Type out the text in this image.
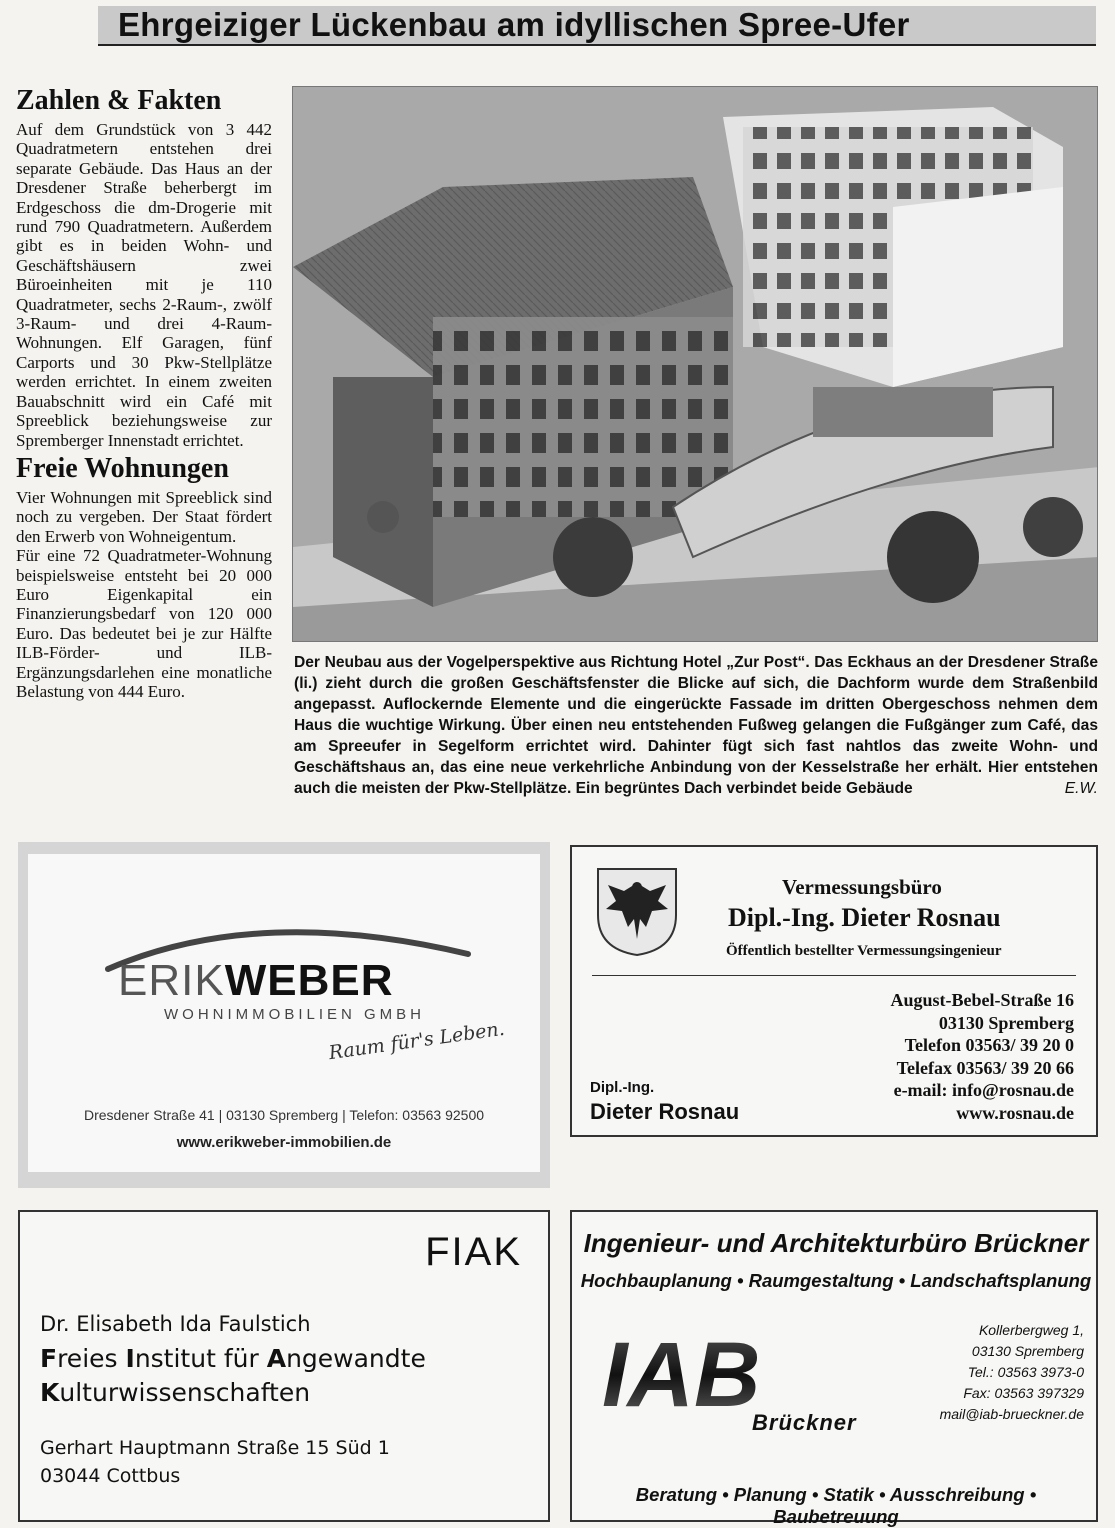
Ehrgeiziger Lückenbau am idyllischen Spree-Ufer
Zahlen & Fakten

Auf dem Grundstück von 3 442 Quadratmetern entstehen drei separate Gebäude. Das Haus an der Dresdener Straße beherbergt im Erdgeschoss die dm-Drogerie mit rund 790 Quadratmetern. Außerdem gibt es in beiden Wohn- und Geschäftshäusern zwei Büroeinheiten mit je 110 Quadratmeter, sechs 2-Raum-, zwölf 3-Raum- und drei 4-Raum-Wohnungen. Elf Garagen, fünf Carports und 30 Pkw-Stellplätze werden errichtet. In einem zweiten Bauabschnitt wird ein Café mit Spreeblick beziehungsweise zur Spremberger Innenstadt errichtet.

Freie Wohnungen

Vier Wohnungen mit Spreeblick sind noch zu vergeben. Der Staat fördert den Erwerb von Wohneigentum.

Für eine 72 Quadratmeter-Wohnung beispielsweise entsteht bei 20 000 Euro Eigenkapital ein Finanzierungsbedarf von 120 000 Euro. Das bedeutet bei je zur Hälfte ILB-Förder- und ILB-Ergänzungsdarlehen eine monatliche Belastung von 444 Euro.

Der Neubau aus der Vogelperspektive aus Richtung Hotel „Zur Post“. Das Eckhaus an der Dresdener Straße (li.) zieht durch die großen Geschäftsfenster die Blicke auf sich, die Dachform wurde dem Straßenbild angepasst. Auflockernde Elemente und die eingerückte Fassade im dritten Obergeschoss nehmen dem Haus die wuchtige Wirkung. Über einen neu entstehenden Fußweg gelangen die Fußgänger zum Café, das am Spreeufer in Segelform errichtet wird. Dahinter fügt sich fast nahtlos das zweite Wohn- und Geschäftshaus an, das eine neue verkehrliche Anbindung von der Kesselstraße her erhält. Hier entstehen auch die meisten der Pkw-Stellplätze. Ein begrüntes Dach verbindet beide Gebäude	E.W.
ERIKWEBER
WOHNIMMOBILIEN GMBH
Raum für's Leben.
Dresdener Straße 41 | 03130 Spremberg | Telefon: 03563 92500
www.erikweber-immobilien.de
Vermessungsbüro
Dipl.-Ing. Dieter Rosnau
Öffentlich bestellter Vermessungsingenieur
August-Bebel-Straße 16
03130 Spremberg
Telefon 03563/ 39 20 0
Telefax 03563/ 39 20 66
e-mail: info@rosnau.de
www.rosnau.de
Dipl.-Ing.
Dieter Rosnau
FIAK
Dr. Elisabeth Ida Faulstich
Freies Institut für Angewandte
Kulturwissenschaften
Gerhart Hauptmann Straße 15 Süd 1
03044 Cottbus
Ingenieur- und Architekturbüro Brückner
Hochbauplanung • Raumgestaltung • Landschaftsplanung
IAB
Brückner
Kollerbergweg 1,
03130 Spremberg
Tel.: 03563 3973-0
Fax: 03563 397329
mail@iab-brueckner.de
Beratung • Planung • Statik • Ausschreibung • Baubetreuung
